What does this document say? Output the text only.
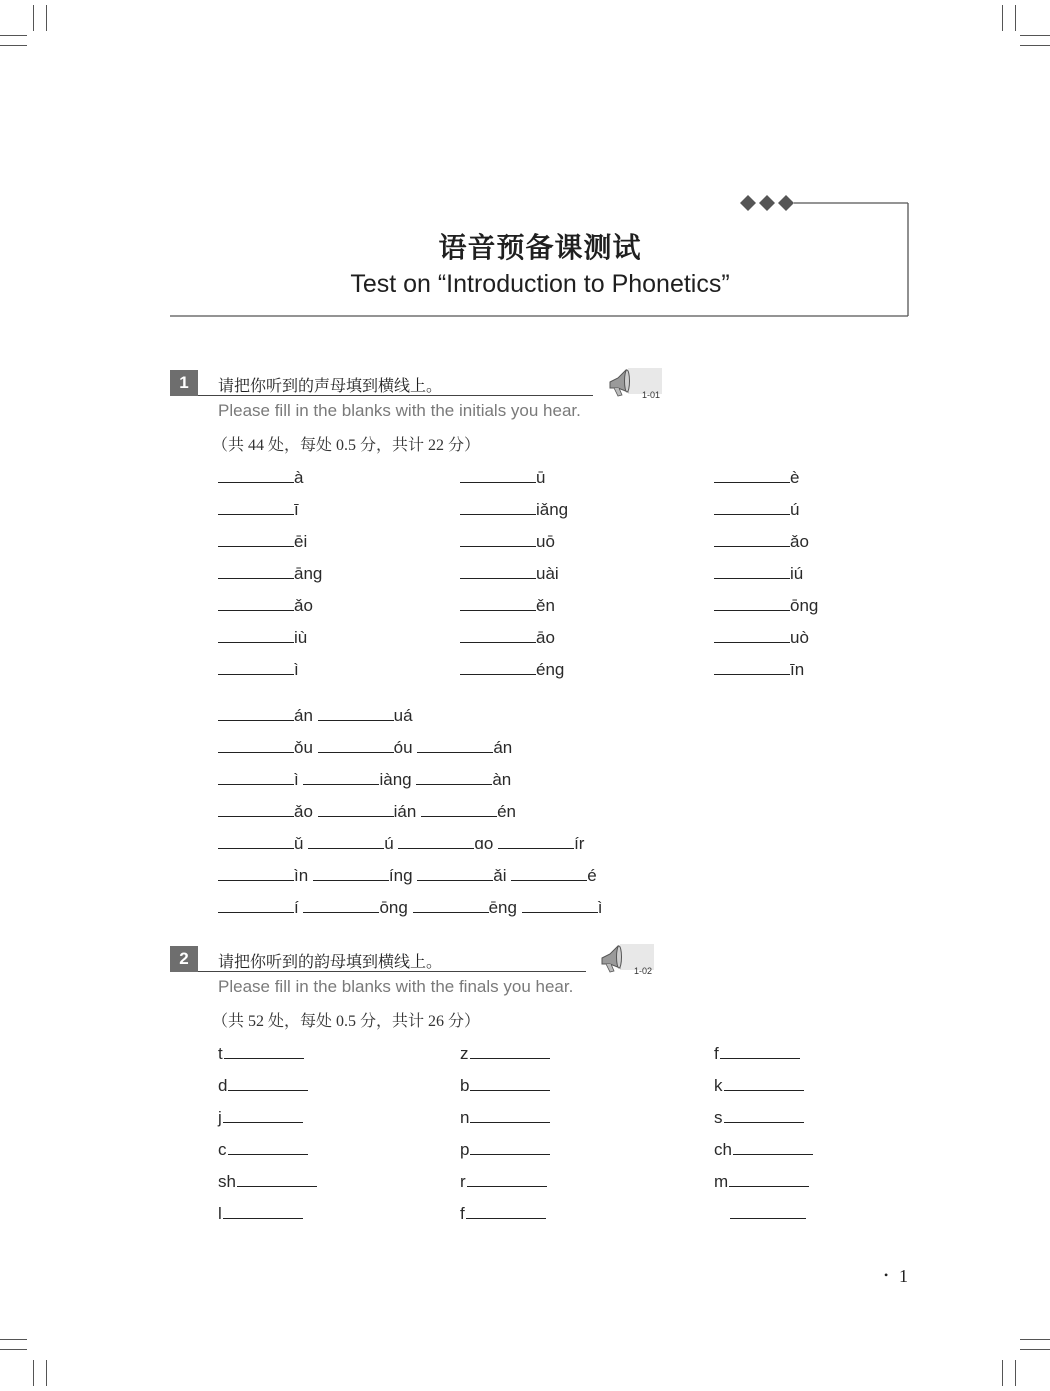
语音预备课测试
Test on “Introduction to Phonetics”
1	请把你听到的声母填到横线上。	1-01
Please fill in the blanks with the initials you hear.
（共 44 处，每处 0.5 分，共计 22 分）
à	ū	è
ī	iǎng	ú
ēi	uō	ǎo
āng	uài	iú
ǎo	ěn	ōng
iù	āo	uò
ì	éng	īn
án	uá
ǒu	óu	án
ì	iàng	àn
ǎo	ián	én
ǔ	ú	ɑo	ír
ìn	íng	ǎi	é
í	ōng	ēng	ì
2	请把你听到的韵母填到横线上。	1-02
Please fill in the blanks with the finals you hear.
（共 52 处，每处 0.5 分，共计 26 分）
t	z	f
d	b	k
j	n	s
c	p	ch
sh	r	m
l	f
• 1
